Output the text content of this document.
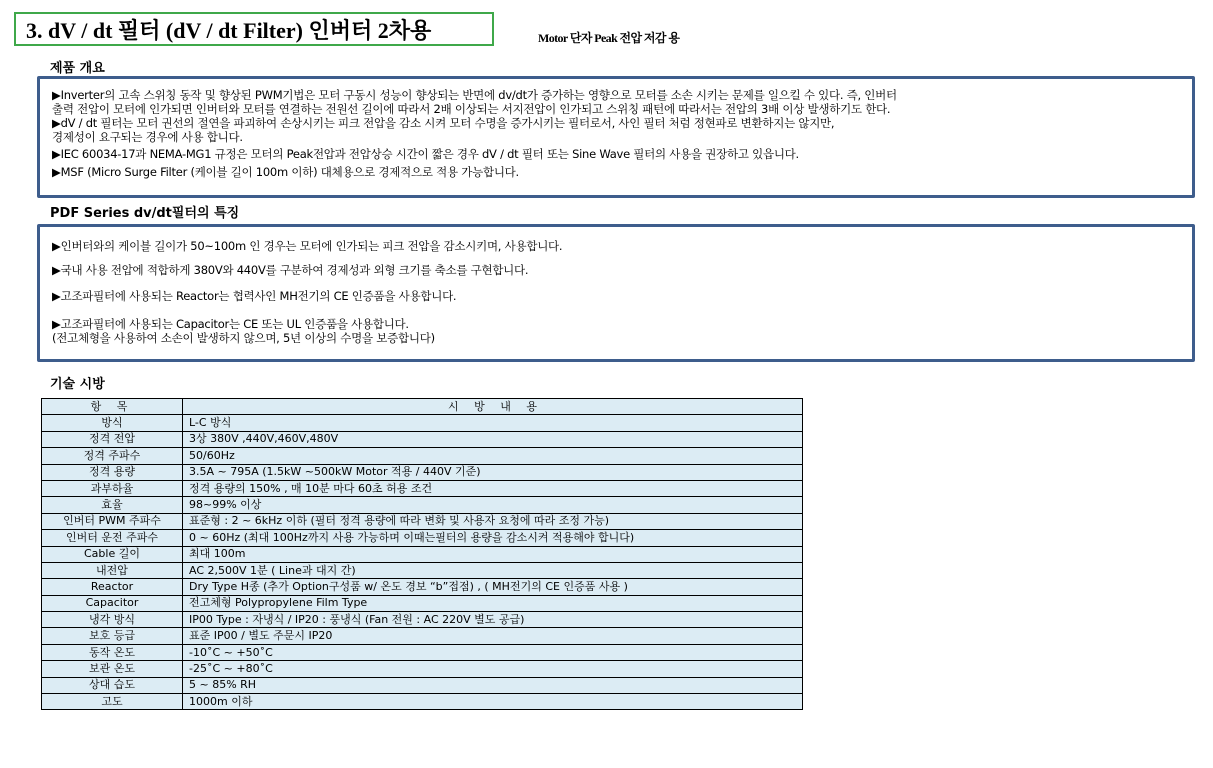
3. dV / dt 필터 (dV / dt Filter) 인버터 2차용	Motor 단자 Peak 전압 저감 용
제품 개요
▶Inverter의 고속 스위칭 동작 및 향상된 PWM기법은 모터 구동시 성능이 향상되는 반면에 dv/dt가 증가하는 영향으로 모터를 소손 시키는 문제를 일으킬 수 있다. 즉, 인버터
출력 전압이 모터에 인가되면 인버터와 모터를 연결하는 전원선 길이에 따라서 2배 이상되는 서지전압이 인가되고 스위칭 패턴에 따라서는 전압의 3배 이상 발생하기도 한다.
▶dV / dt 필터는 모터 권선의 절연을 파괴하여 손상시키는 피크 전압을 감소 시켜 모터 수명을 증가시키는 필터로서, 사인 필터 처럼 정현파로 변환하지는 않지만,
경제성이 요구되는 경우에 사용 합니다.
▶IEC 60034-17과 NEMA-MG1 규정은 모터의 Peak전압과 전압상승 시간이 짧은 경우 dV / dt 필터 또는 Sine Wave 필터의 사용을 권장하고 있읍니다.
▶MSF (Micro Surge Filter (케이블 길이 100m 이하) 대체용으로 경제적으로 적용 가능합니다.
PDF Series dv/dt필터의 특징
▶인버터와의 케이블 길이가 50~100m 인 경우는 모터에 인가되는 피크 전압을 감소시키며, 사용합니다.
▶국내 사용 전압에 적합하게 380V와 440V를 구분하여 경제성과 외형 크기를 축소를 구현합니다.
▶고조파필터에 사용되는 Reactor는 협력사인 MH전기의 CE 인증품을 사용합니다.
▶고조파필터에 사용되는 Capacitor는 CE 또는 UL 인증품을 사용합니다.
(전고체형을 사용하여 소손이 발생하지 않으며, 5년 이상의 수명을 보증합니다)
기술 시방
항 목	시 방 내 용
방식	L-C 방식
정격 전압	3상 380V ,440V,460V,480V
정격 주파수	50/60Hz
정격 용량	3.5A ~ 795A (1.5kW ~500kW Motor 적용 / 440V 기준)
과부하율	정격 용량의 150% , 매 10분 마다 60초 허용 조건
효율	98~99% 이상
인버터 PWM 주파수	표준형 : 2 ~ 6kHz 이하 (필터 정격 용량에 따라 변화 및 사용자 요청에 따라 조정 가능)
인버터 운전 주파수	0 ~ 60Hz (최대 100Hz까지 사용 가능하며 이때는필터의 용량을 감소시켜 적용해야 합니다)
Cable 길이	최대 100m
내전압	AC 2,500V 1분 ( Line과 대지 간)
Reactor	Dry Type H종 (추가 Option구성품 w/ 온도 경보 “b”접점) , ( MH전기의 CE 인증품 사용 )
Capacitor	전고체형 Polypropylene Film Type
냉각 방식	IP00 Type : 자냉식 / IP20 : 풍냉식 (Fan 전원 : AC 220V 별도 공급)
보호 등급	표준 IP00 / 별도 주문시 IP20
동작 온도	-10˚C ~ +50˚C
보관 온도	-25˚C ~ +80˚C
상대 습도	5 ~ 85% RH
고도	1000m 이하
